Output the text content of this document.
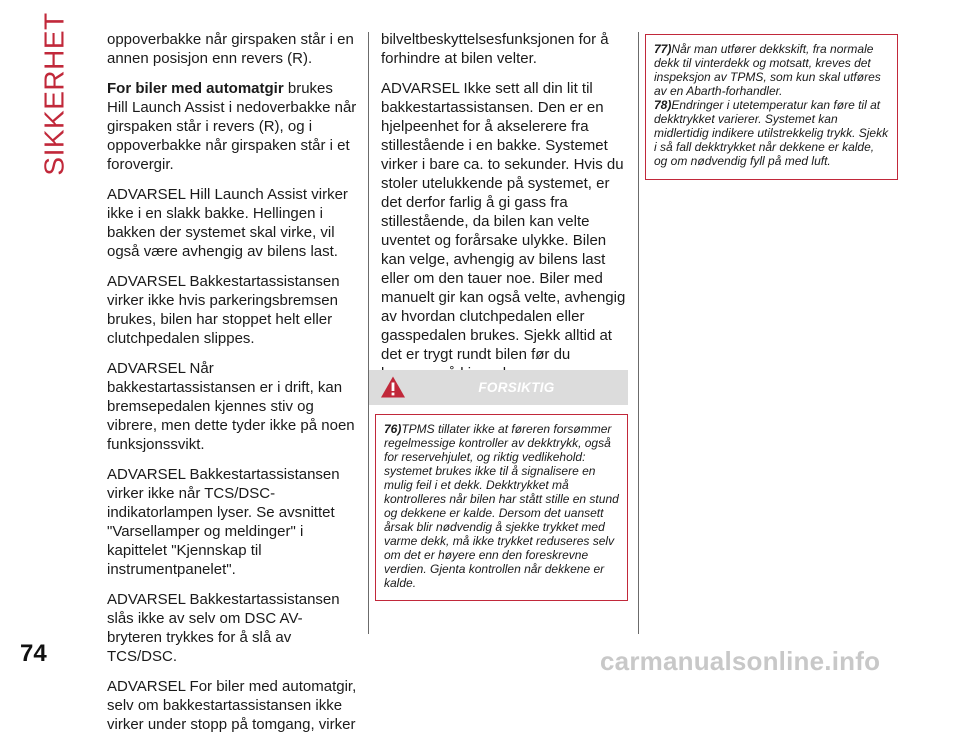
SIKKERHET oppoverbakke når girspaken står i en annen posisjon enn revers (R).

For biler med automatgir brukes Hill Launch Assist i nedoverbakke når girspaken står i revers (R), og i oppoverbakke når girspaken står i et forovergir.

ADVARSEL Hill Launch Assist virker ikke i en slakk bakke. Hellingen i bakken der systemet skal virke, vil også være avhengig av bilens last.

ADVARSEL Bakkestartassistansen virker ikke hvis parkeringsbremsen brukes, bilen har stoppet helt eller clutchpedalen slippes.

ADVARSEL Når bakkestartassistansen er i drift, kan bremsepedalen kjennes stiv og vibrere, men dette tyder ikke på noen funksjonssvikt.

ADVARSEL Bakkestartassistansen virker ikke når TCS/DSC-indikatorlampen lyser. Se avsnittet "Varsellamper og meldinger" i kapittelet "Kjennskap til instrumentpanelet".

ADVARSEL Bakkestartassistansen slås ikke av selv om DSC AV-bryteren trykkes for å slå av TCS/DSC.

ADVARSEL For biler med automatgir, selv om bakkestartassistansen ikke virker under stopp på tomgang, virker

bilveltbeskyttelsesfunksjonen for å forhindre at bilen velter.

ADVARSEL Ikke sett all din lit til bakkestartassistansen. Den er en hjelpeenhet for å akselerere fra stillestående i en bakke. Systemet virker i bare ca. to sekunder. Hvis du stoler utelukkende på systemet, er det derfor farlig å gi gass fra stillestående, da bilen kan velte uventet og forårsake ulykke. Bilen kan velge, avhengig av bilens last eller om den tauer noe. Biler med manuelt gir kan også velte, avhengig av hvordan clutchpedalen eller gasspedalen brukes. Sjekk alltid at det er trygt rundt bilen før du

FORSIKTIG

76)TPMS tillater ikke at føreren forsømmer regelmessige kontroller av dekktrykk, også for reservehjulet, og riktig vedlikehold: systemet brukes ikke til å signalisere en mulig feil i et dekk. Dekktrykket må kontrolleres når bilen har stått stille en stund og dekkene er kalde. Dersom det uansett årsak blir nødvendig å sjekke trykket med varme dekk, må ikke trykket reduseres selv om det er høyere enn den foreskrevne verdien. Gjenta kontrollen når dekkene er kalde.

77)Når man utfører dekkskift, fra normale dekk til vinterdekk og motsatt, kreves det inspeksjon av TPMS, som kun skal utføres av en Abarth-forhandler.

78)Endringer i utetemperatur kan føre til at dekktrykket varierer. Systemet kan midlertidig indikere utilstrekkelig trykk. Sjekk i så fall dekktrykket når dekkene er kalde, og om nødvendig fyll på med luft.

74	carmanualsonline.info
